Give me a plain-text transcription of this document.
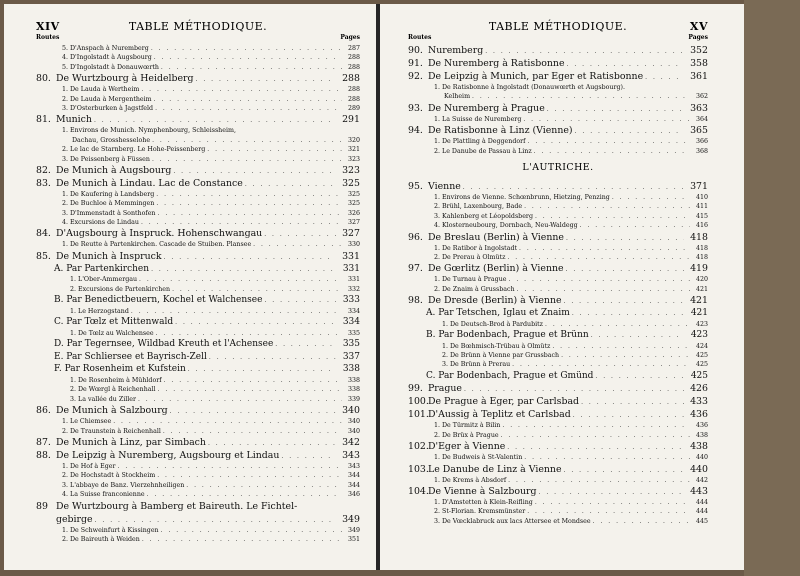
TABLE MÉTHODIQUE.
XIV
Routes	Pages
5. D'Anspach à Nuremberg . . .	287
4. D'Ingolstadt à Augsbourg . . .	288
5. D'Ingolstadt à Donauwœrth . . .	288
80. De Wurtzbourg à Heidelberg . . .	288
1. De Lauda à Wertheim . . .	288
2. De Lauda à Mergentheim . . .	288
3. D'Osterburken à Jagstfeld . . .	289
81. Munich . . .	291
1. Environs de Munich. Nymphenbourg, Schleissheim,
Dachau, Grosshesselohe . . .	320
2. Le lac de Starnberg. Le Hohe-Peissenberg . . .	321
3. De Peissenberg à Füssen . . .	323
82. De Munich à Augsbourg . . .	323
83. De Munich à Lindau. Lac de Constance . . .	325
1. De Kaufering à Landsberg . . .	325
2. De Buchloe à Memmingen . . .	325
3. D'Immenstadt à Sonthofen . . .	326
4. Excursions de Lindau . . .	327
84. D'Augsbourg à Inspruck. Hohenschwangau . . .	327
1. De Reutte à Partenkirchen. Cascade de Stuiben. Plansee . . .	330
85. De Munich à Inspruck . . .	331
A. Par Partenkirchen . . .	331
1. L'Ober-Ammergau . . .	331
2. Excursions de Partenkirchen . . .	332
B. Par Benedictbeuern, Kochel et Walchensee . . .	333
1. Le Herzogstand . . .	334
C. Par Tœlz et Mittenwald . . .	334
1. De Tœlz au Walchensee . . .	335
D. Par Tegernsee, Wildbad Kreuth et l'Achensee . . .	335
E. Par Schliersee et Bayrisch-Zell . . .	337
F. Par Rosenheim et Kufstein . . .	338
1. De Rosenheim à Mühldorf . . .	338
2. De Wœrgl à Reichenhall . . .	338
3. La vallée du Ziller . . .	339
86. De Munich à Salzbourg . . .	340
1. Le Chiemsee . . .	340
2. De Traunstein à Reichenhall . . .	340
87. De Munich à Linz, par Simbach . . .	342
88. De Leipzig à Nuremberg, Augsbourg et Lindau . . .	343
1. De Hof à Eger . . .	343
2. De Hochstadt à Stockheim . . .	344
3. L'abbaye de Banz. Vierzehnheiligen . . .	344
4. La Suisse franconienne . . .	346
89 De Wurtzbourg à Bamberg et Baireuth. Le Fichtel-
gebirge . . .	349
1. De Schweinfurt à Kissingen . . .	349
2. De Baireuth à Weiden . . .	351
TABLE MÉTHODIQUE.	XV
Routes	Pages
90. Nuremberg . . .	352
91. De Nuremberg à Ratisbonne . . .	358
92. De Leipzig à Munich, par Eger et Ratisbonne . . .	361
1. De Ratisbonne à Ingolstadt (Donauwœrth et Augsbourg).
Kelheim . . .	362
93. De Nuremberg à Prague . . .	363
1. La Suisse de Nuremberg . . .	364
94. De Ratisbonne à Linz (Vienne) . . .	365
1. De Plattling à Deggendorf . . .	366
2. Le Danube de Passau à Linz . . .	368
L'AUTRICHE.
95. Vienne . . .	371
1. Environs de Vienne. Schœnbrunn, Hietzing, Penzing . . .	410
2. Brühl, Laxenbourg, Bade . . .	411
3. Kahlenberg et Léopoldsberg . . .	415
4. Klosterneubourg, Dornbach, Neu-Waldegg . . .	416
96. De Breslau (Berlin) à Vienne . . .	418
1. De Ratibor à Ingolstadt . . .	418
2. De Prerau à Olmütz . . .	418
97. De Gœrlitz (Berlin) à Vienne . . .	419
1. De Turnau à Prague . . .	420
2. De Znaim à Grussbach . . .	421
98. De Dresde (Berlin) à Vienne . . .	421
A. Par Tetschen, Iglau et Znaim . . .	421
1. De Deutsch-Brod à Pardubitz . . .	423
B. Par Bodenbach, Prague et Brünn . . .	423
1. De Bœhmisch-Trübau à Olmütz . . .	424
2. De Brünn à Vienne par Grussbach . . .	425
3. De Brünn à Prerau . . .	425
C. Par Bodenbach, Prague et Gmünd . . .	425
99. Prague . . .	426
100. De Prague à Eger, par Carlsbad . . .	433
101. D'Aussig à Teplitz et Carlsbad . . .	436
1. De Türmitz à Bilin . . .	436
2. De Brüx à Prague . . .	438
102. D'Eger à Vienne . . .	438
1. De Budweis à St-Valentin . . .	440
103. Le Danube de Linz à Vienne . . .	440
1. De Krems à Absdorf . . .	442
104. De Vienne à Salzbourg . . .	443
1. D'Amstetten à Klein-Reifling . . .	444
2. St-Florian. Kremsmünster . . .	444
3. De Vœcklabruck aux lacs Attersee et Mondsee . . .	445
